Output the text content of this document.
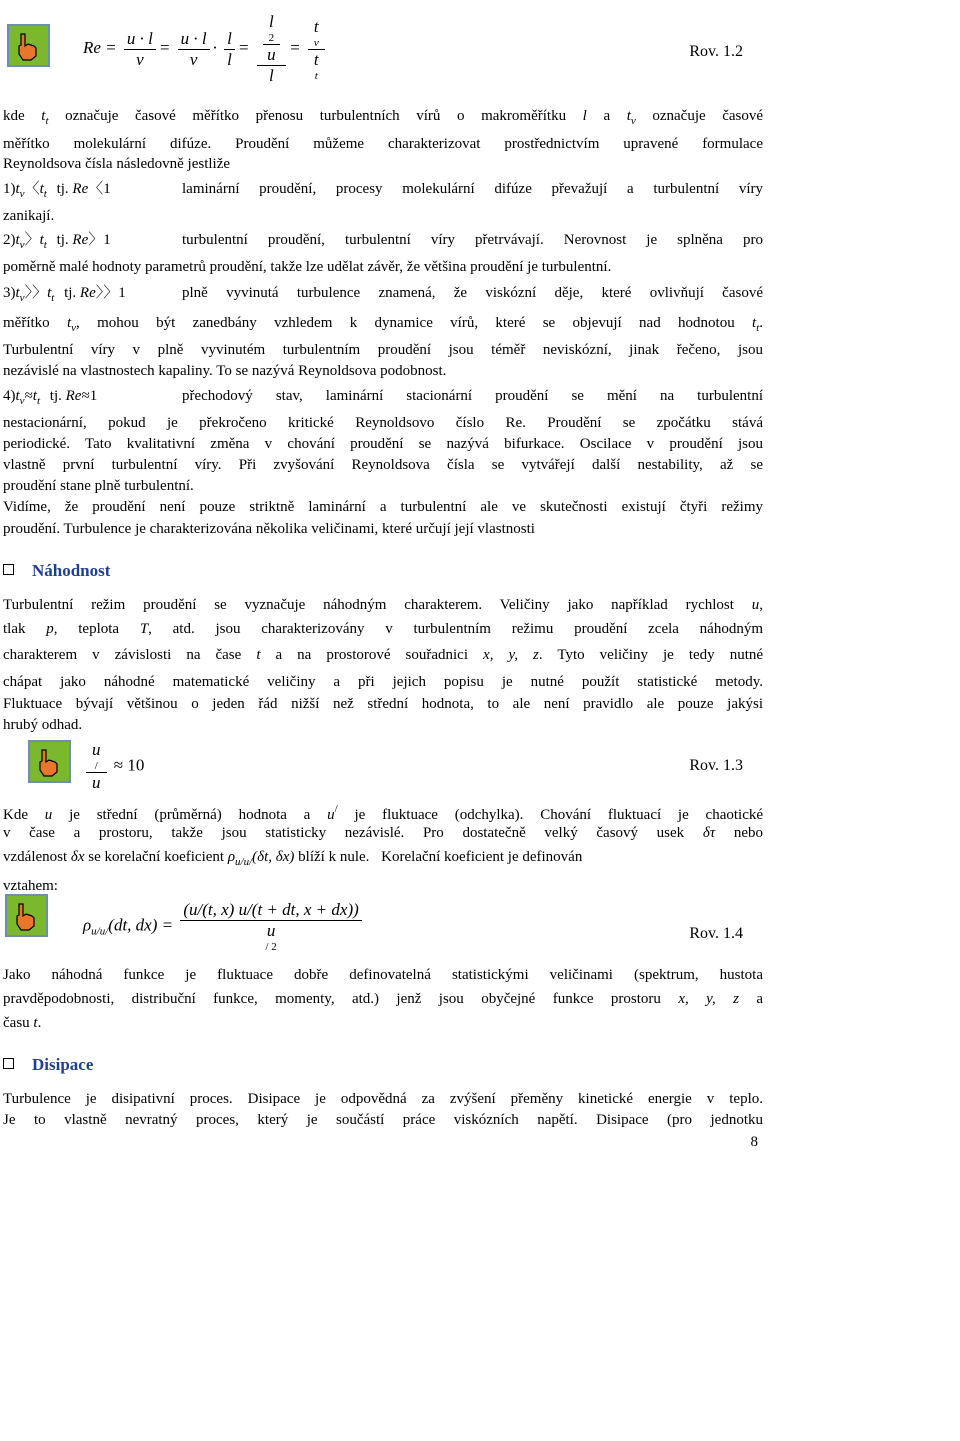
$Re = \frac{u \cdot l}{\nu} = \frac{u \cdot l}{\nu} \cdot \frac{l}{l} = l$
2
u
l = t
v
t
t	Rov. 1.2
kde $t_t$ označuje časové měřítko přenosu turbulentních vírů o makroměřítku l a $t_v$ označuje časové
měřítko molekulární difúze. Proudění můžeme charakterizovat prostřednictvím upravené formulace
Reynoldsova čísla následovně jestliže
$1)t_\nu$〈$t_t$ tj. Re〈1	laminární proudění, procesy molekulární difúze převažují a turbulentní víry
zanikají.
$2)t_\nu$〉$t_t$ tj. Re〉1	turbulentní proudění, turbulentní víry přetrvávají. Nerovnost je splněna pro
poměrně malé hodnoty parametrů proudění, takže lze udělat závěr, že většina proudění je turbulentní.
$3)t_\nu$〉〉$t_t$ tj. Re〉〉1	plně vyvinutá turbulence znamená, že viskózní děje, které ovlivňují časové
měřítko $t_v$, mohou být zanedbány vzhledem k dynamice vírů, které se objevují nad hodnotou $t_t$.
Turbulentní víry v plně vyvinutém turbulentním proudění jsou téměř neviskózní, jinak řečeno, jsou
nezávislé na vlastnostech kapaliny. To se nazývá Reynoldsova podobnost.
$4)t_\nu\approx t_t$ tj. Re≈1	přechodový stav, laminární stacionární proudění se mění na turbulentní
nestacionární, pokud je překročeno kritické Reynoldsovo číslo Re. Proudění se zpočátku stává
periodické. Tato kvalitativní změna v chování proudění se nazývá bifurkace. Oscilace v proudění jsou
vlastně první turbulentní víry. Při zvyšování Reynoldsova čísla se vytvářejí další nestability, až se
proudění stane plně turbulentní.
Vidíme, že proudění není pouze striktně laminární a turbulentní ale ve skutečnosti existují čtyři režimy
proudění. Turbulence je charakterizována několika veličinami, které určují její vlastnosti
Náhodnost
Turbulentní režim proudění se vyznačuje náhodným charakterem. Veličiny jako například rychlost u,
tlak p, teplota T, atd. jsou charakterizovány v turbulentním režimu proudění zcela náhodným
charakterem v závislosti na čase t a na prostorové souřadnici x, y, z. Tyto veličiny je tedy nutné
chápat jako náhodné matematické veličiny a při jejich popisu je nutné použít statistické metody.
Fluktuace bývají většinou o jeden řád nižší než střední hodnota, to ale není pravidlo ale pouze jakýsi
hrubý odhad.
u
/
u ≈ 10	Rov. 1.3
Kde u je střední (průměrná) hodnota a u/ je fluktuace (odchylka). Chování fluktuací je chaotické
v čase a prostoru, takže jsou statisticky nezávislé. Pro dostatečně velký časový usek δτ nebo
vzdálenost δx se korelační koeficient $\rho_{u/u/}(\delta t$, δx) blíží k nule. Korelační koeficient je definován
vztahem:
$\rho_{u/u/}(dt$, dx) = (u/(t, x) u/(t + dt, x + dx))
u
/ 2	Rov. 1.4
Jako náhodná funkce je fluktuace dobře definovatelná statistickými veličinami (spektrum, hustota
pravděpodobnosti, distribuční funkce, momenty, atd.) jenž jsou obyčejné funkce prostoru x, y, z a
času t.
Disipace
Turbulence je disipativní proces. Disipace je odpovědná za zvýšení přeměny kinetické energie v teplo.
Je to vlastně nevratný proces, který je součástí práce viskózních napětí. Disipace (pro jednotku
8
